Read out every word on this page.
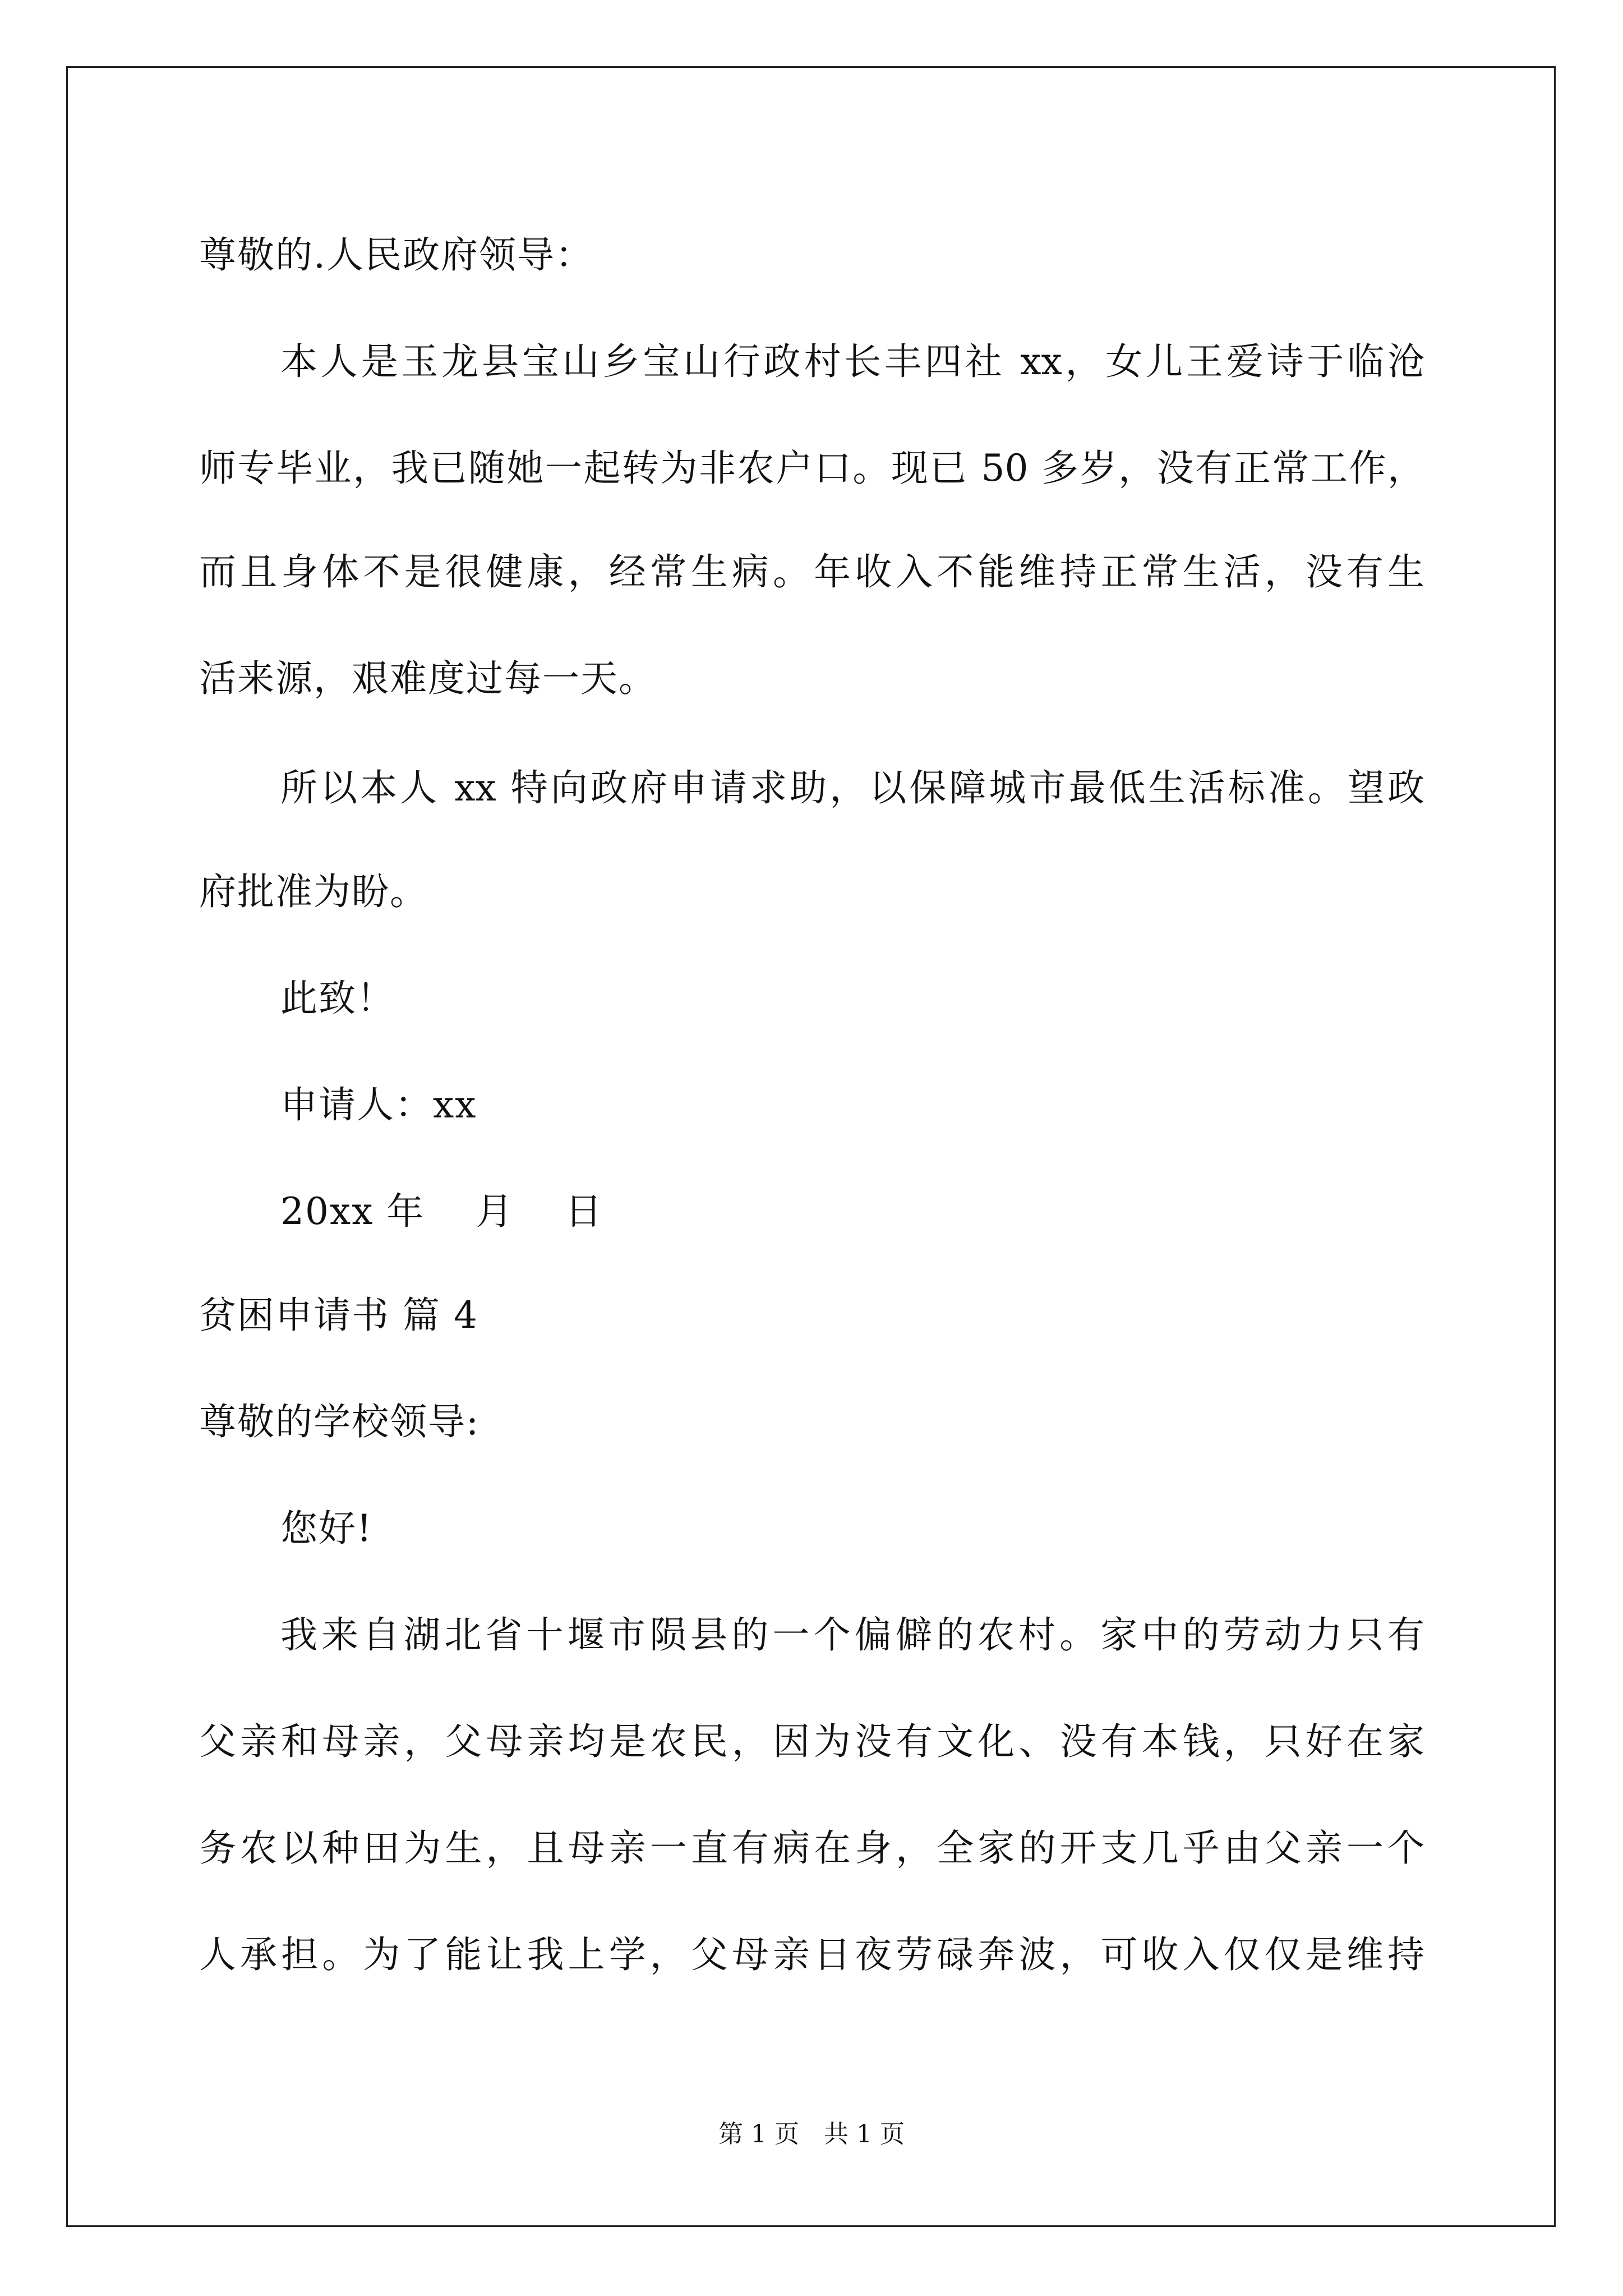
尊敬的.人民政府领导：
本人是玉龙县宝山乡宝山行政村长丰四社 xx，女儿王爱诗于临沧
师专毕业，我已随她一起转为非农户口。现已 50 多岁，没有正常工作，
而且身体不是很健康，经常生病。年收入不能维持正常生活，没有生
活来源，艰难度过每一天。
所以本人 xx 特向政府申请求助，以保障城市最低生活标准。望政
府批准为盼。
此致！
申请人：xx
20xx 年　 月　 日
贫困申请书 篇 4
尊敬的学校领导:
您好!
我来自湖北省十堰市陨县的一个偏僻的农村。家中的劳动力只有
父亲和母亲，父母亲均是农民，因为没有文化、没有本钱，只好在家
务农以种田为生，且母亲一直有病在身，全家的开支几乎由父亲一个
人承担。为了能让我上学，父母亲日夜劳碌奔波，可收入仅仅是维持
第 1 页　共 1 页
